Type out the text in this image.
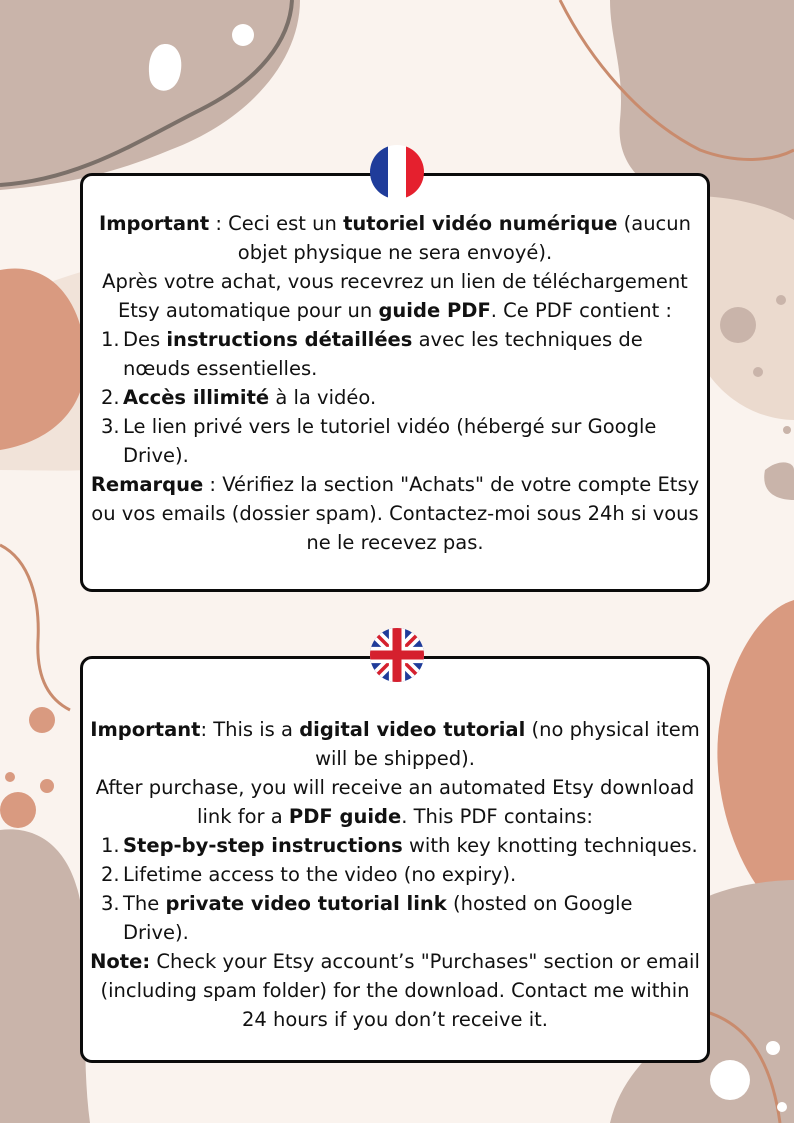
Important : Ceci est un tutoriel vidéo numérique (aucun objet physique ne sera envoyé).

Après votre achat, vous recevrez un lien de téléchargement Etsy automatique pour un guide PDF. Ce PDF contient :

1. Des instructions détaillées avec les techniques de nœuds essentielles.
2. Accès illimité à la vidéo.
3. Le lien privé vers le tutoriel vidéo (hébergé sur Google Drive).

Remarque : Vérifiez la section "Achats" de votre compte Etsy ou vos emails (dossier spam). Contactez-moi sous 24h si vous ne le recevez pas.

Important: This is a digital video tutorial (no physical item will be shipped).

After purchase, you will receive an automated Etsy download link for a PDF guide. This PDF contains:

1. Step-by-step instructions with key knotting techniques.
2. Lifetime access to the video (no expiry).
3. The private video tutorial link (hosted on Google Drive).

Note: Check your Etsy account’s "Purchases" section or email (including spam folder) for the download. Contact me within 24 hours if you don’t receive it.
